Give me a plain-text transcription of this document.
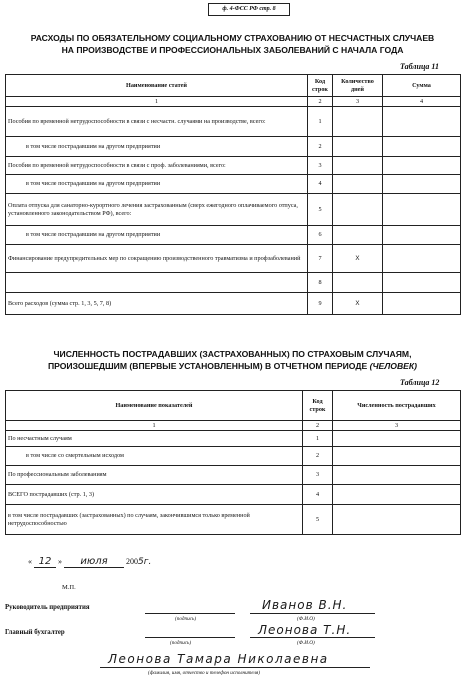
ф. 4-ФСС РФ стр. 8
РАСХОДЫ ПО ОБЯЗАТЕЛЬНОМУ СОЦИАЛЬНОМУ СТРАХОВАНИЮ ОТ НЕСЧАСТНЫХ СЛУЧАЕВ
НА ПРОИЗВОДСТВЕ И ПРОФЕССИОНАЛЬНЫХ ЗАБОЛЕВАНИЙ С НАЧАЛА ГОДА
Таблица 11
Наименование статей	Код строк	Количество дней	Сумма
1	2	3	4
Пособия по временной нетрудоспособности в связи с несчастн. случаями на производстве, всего:	1		
в том числе пострадавшим на другом предприятии	2		
Пособия по временной нетрудоспособности в связи с проф. заболеваниями, всего:	3		
в том числе пострадавшим на другом предприятии	4		
Оплата отпуска для санаторно-курортного лечения застрахованным (сверх ежегодного оплачиваемого отпуса, установленного законодательством РФ), всего:	5		
в том числе пострадавшим на другом предприятии	6		
Финансирование предупредительных мер по сокращению производственного травматизма и профзаболеваний	7	Х	
	8		
Всего расходов (сумма стр. 1, 3, 5, 7, 8)	9	Х	
ЧИСЛЕННОСТЬ ПОСТРАДАВШИХ (ЗАСТРАХОВАННЫХ) ПО СТРАХОВЫМ СЛУЧАЯМ,
ПРОИЗОШЕДШИМ (ВПЕРВЫЕ УСТАНОВЛЕННЫМ) В ОТЧЕТНОМ ПЕРИОДЕ (ЧЕЛОВЕК)
Таблица 12
Наименование показателей	Код строк	Численность пострадавших
1	2	3
По несчастным случаям	1	
в том числе со смертельным исходом	2	
По профессиональным заболеваниям	3	
ВСЕГО пострадавших (стр. 1, 3)	4	
в том числе пострадавших (застрахованных) по случаям, закончившимся только временной нетрудоспособностью	5	
« 12 » июля 2005г.
М.П.
Руководитель предприятия
(подпись)
Иванов В.Н.
(Ф.И.О)
Главный бухгалтер
(подпись)
Леонова Т.Н.
(Ф.И.О)
Леонова Тамара Николаевна
(фамилия, имя, отчество и телефон исполнителя)
